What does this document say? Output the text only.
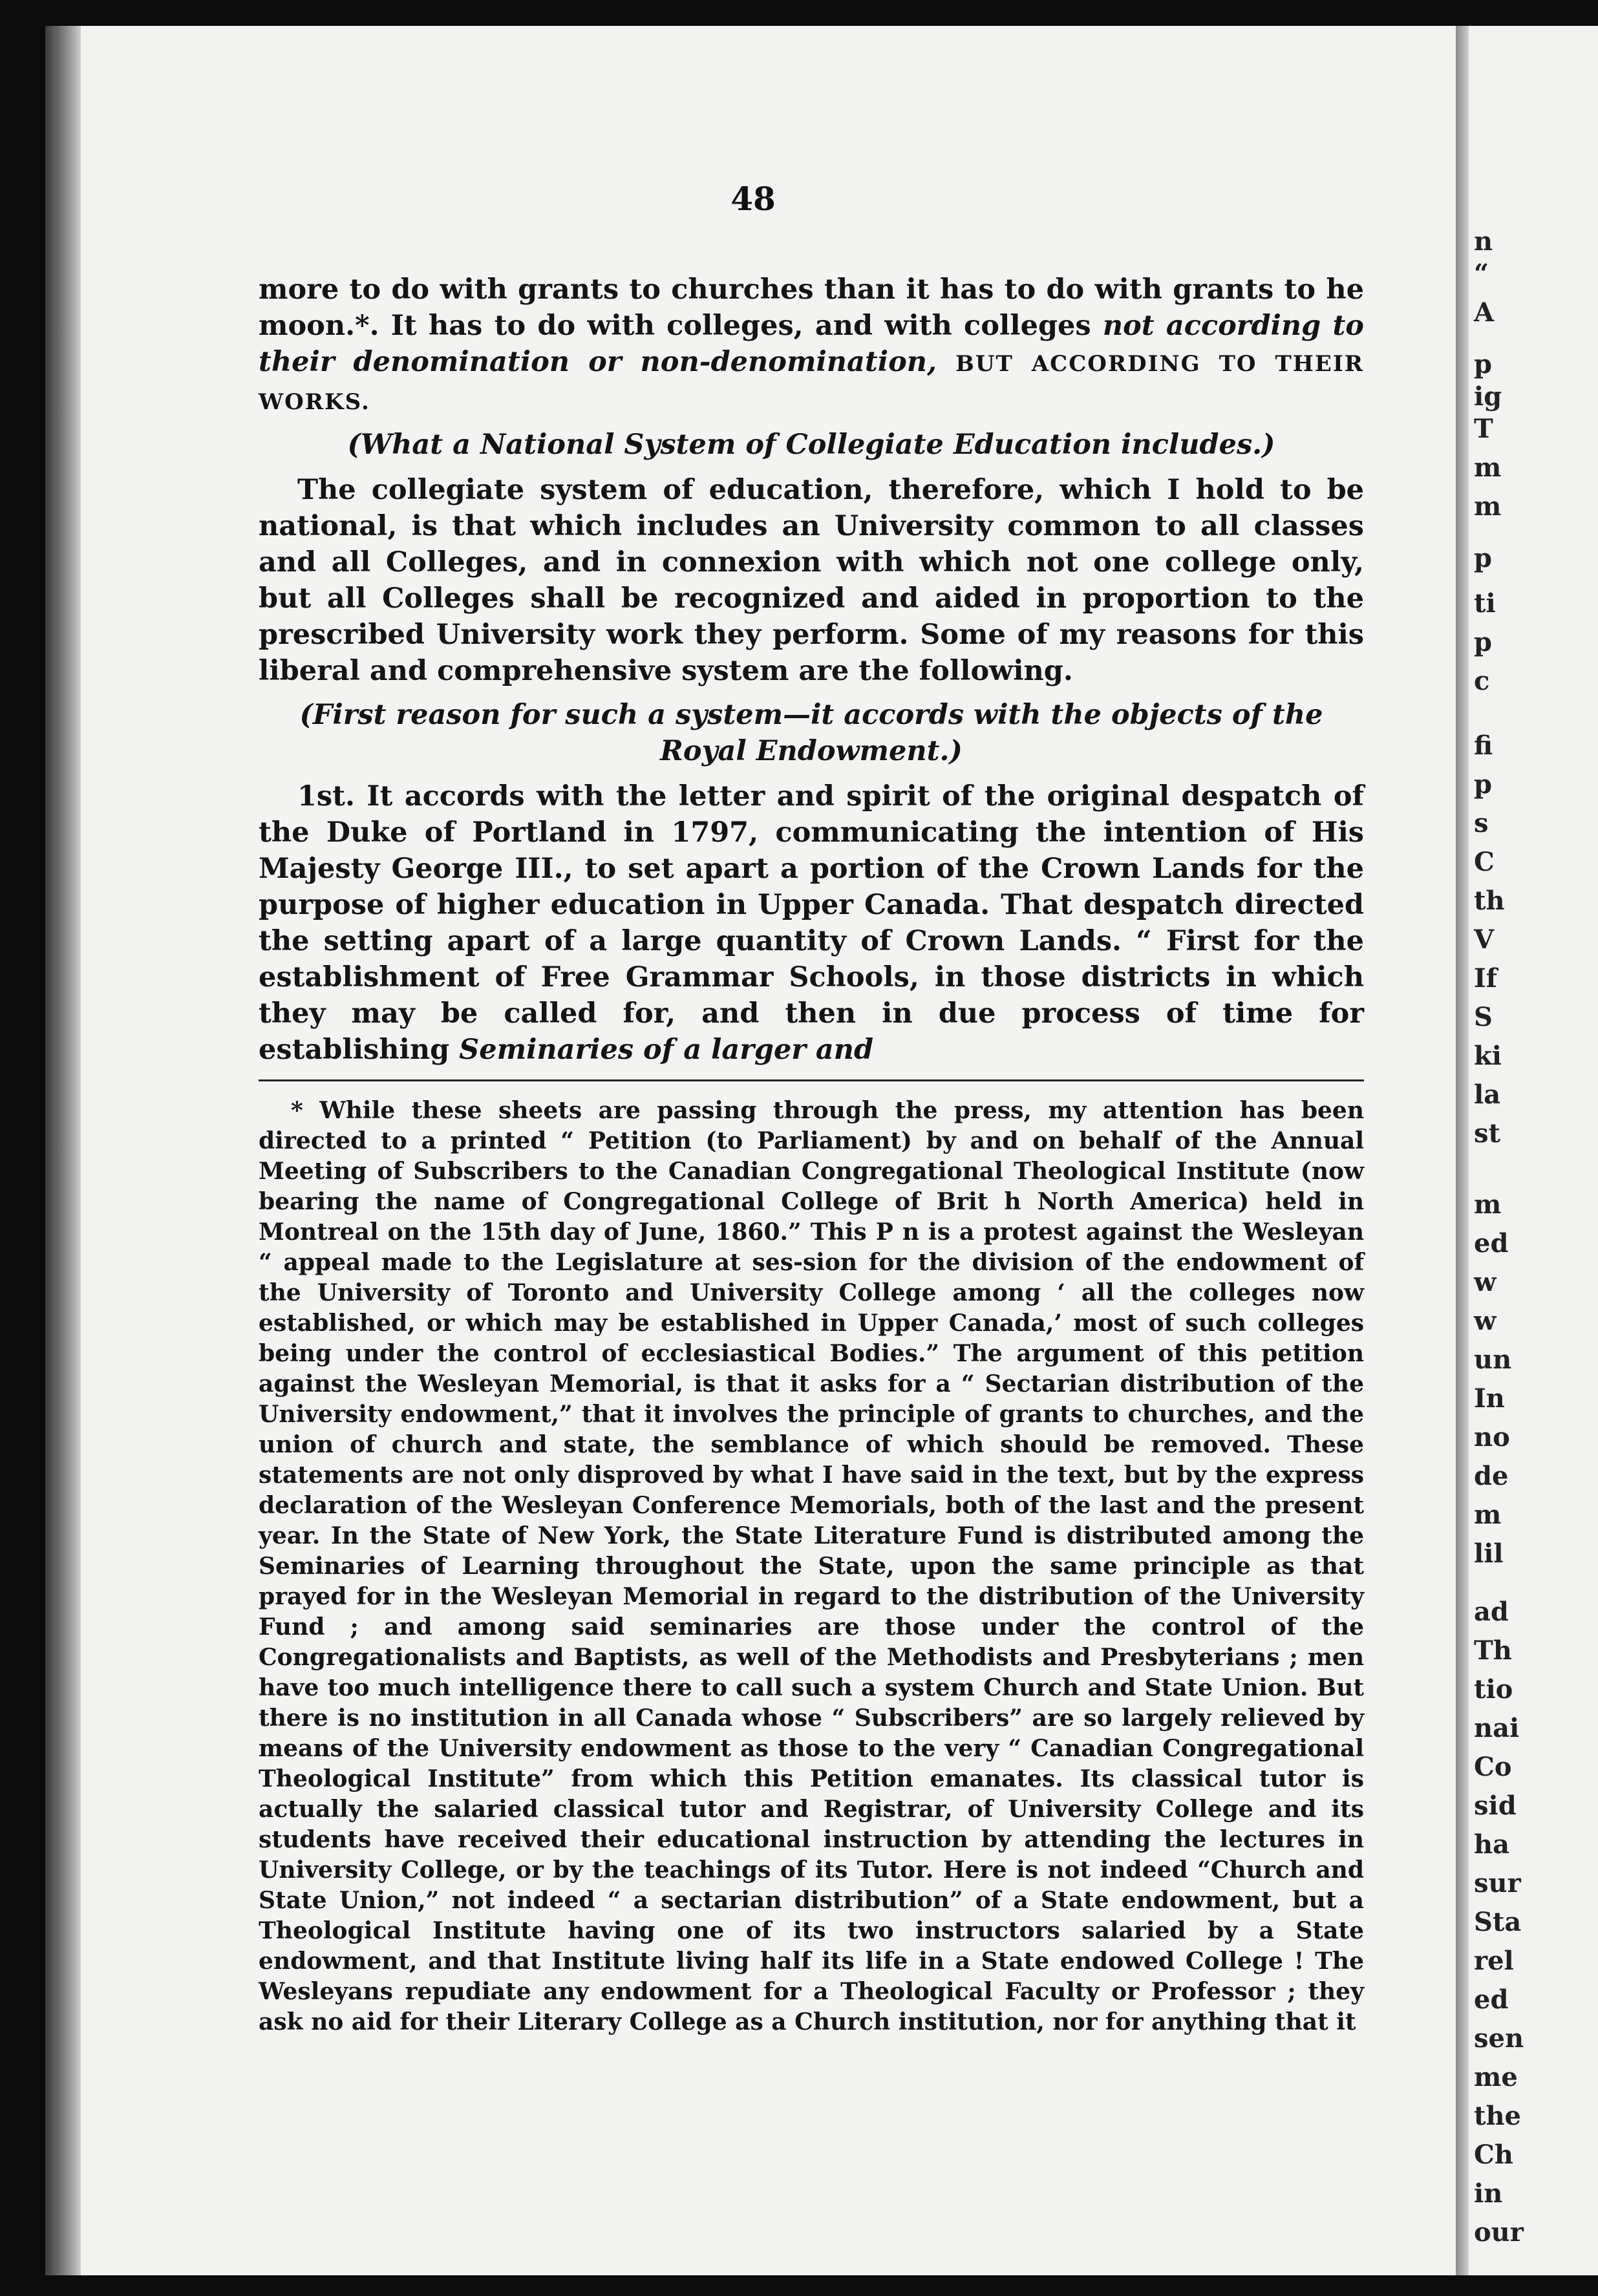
48

more to do with grants to churches than it has to do with grants to he moon.*. It has to do with colleges, and with colleges not according to their denomination or non-denomination, BUT ACCORDING TO THEIR WORKS.

(What a National System of Collegiate Education includes.)

The collegiate system of education, therefore, which I hold to be national, is that which includes an University common to all classes and all Colleges, and in connexion with which not one college only, but all Colleges shall be recognized and aided in proportion to the prescribed University work they perform. Some of my reasons for this liberal and comprehensive system are the following.

(First reason for such a system—it accords with the objects of the Royal Endowment.)

1st. It accords with the letter and spirit of the original despatch of the Duke of Portland in 1797, communicating the intention of His Majesty George III., to set apart a portion of the Crown Lands for the purpose of higher education in Upper Canada. That despatch directed the setting apart of a large quantity of Crown Lands. “ First for the establishment of Free Grammar Schools, in those districts in which they may be called for, and then in due process of time for establishing Seminaries of a larger and

* While these sheets are passing through the press, my attention has been directed to a printed “ Petition (to Parliament) by and on behalf of the Annual Meeting of Subscribers to the Canadian Congregational Theological Institute (now bearing the name of Congregational College of Brit h North America) held in Montreal on the 15th day of June, 1860.” This P n is a protest against the Wesleyan “ appeal made to the Legislature at ses-sion for the division of the endowment of the University of Toronto and University College among ‘ all the colleges now established, or which may be established in Upper Canada,’ most of such colleges being under the control of ecclesiastical Bodies.” The argument of this petition against the Wesleyan Memorial, is that it asks for a “ Sectarian distribution of the University endowment,” that it involves the principle of grants to churches, and the union of church and state, the semblance of which should be removed. These statements are not only disproved by what I have said in the text, but by the express declaration of the Wesleyan Conference Memorials, both of the last and the present year. In the State of New York, the State Literature Fund is distributed among the Seminaries of Learning throughout the State, upon the same principle as that prayed for in the Wesleyan Memorial in regard to the distribution of the University Fund ; and among said seminaries are those under the control of the Congregationalists and Baptists, as well of the Methodists and Presbyterians ; men have too much intelligence there to call such a system Church and State Union. But there is no institution in all Canada whose “ Subscribers” are so largely relieved by means of the University endowment as those to the very “ Canadian Congregational Theological Institute” from which this Petition emanates. Its classical tutor is actually the salaried classical tutor and Registrar, of University College and its students have received their educational instruction by attending the lectures in University College, or by the teachings of its Tutor. Here is not indeed “Church and State Union,” not indeed “ a sectarian distribution” of a State endowment, but a Theological Institute having one of its two instructors salaried by a State endowment, and that Institute living half its life in a State endowed College ! The Wesleyans repudiate any endowment for a Theological Faculty or Professor ; they ask no aid for their Literary College as a Church institution, nor for anything that it

n
“
A
p
ig
T
m
m
p
ti
p
c
fi
p
s
C
th
V
If
S
ki
la
st
m
ed
w
w
un
In
no
de
m
lil
ad
Th
tio
nai
Co
sid
ha
sur
Sta
rel
ed
sen
me
the
Ch
in
our
